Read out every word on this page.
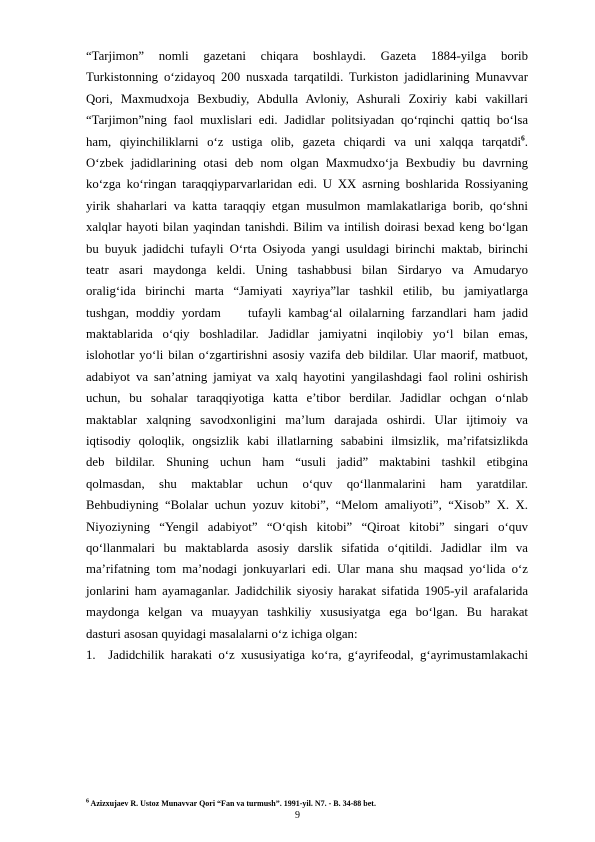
“Tarjimon” nomli gazetani chiqara boshlaydi. Gazeta 1884-yilga borib
Turkistonning o‘zidayoq 200 nusxada tarqatildi. Turkiston jadidlarining Munavvar
Qori, Maxmudxoja Bexbudiy, Abdulla Avloniy, Ashurali Zoxiriy kabi vakillari
“Tarjimon”ning faol muxlislari edi. Jadidlar politsiyadan qo‘rqinchi qattiq bo‘lsa
ham, qiyinchiliklarni o‘z ustiga olib, gazeta chiqardi va uni xalqqa tarqatdi$^6$.
O‘zbek jadidlarining otasi deb nom olgan Maxmudxo‘ja Bexbudiy bu davrning
ko‘zga ko‘ringan taraqqiyparvarlaridan edi. U XX asrning boshlarida Rossiyaning
yirik shaharlari va katta taraqqiy etgan musulmon mamlakatlariga borib, qo‘shni
xalqlar hayoti bilan yaqindan tanishdi. Bilim va intilish doirasi bexad keng bo‘lgan
bu buyuk jadidchi tufayli O‘rta Osiyoda yangi usuldagi birinchi maktab, birinchi
teatr asari maydonga keldi. Uning tashabbusi bilan Sirdaryo va Amudaryo
oralig‘ida birinchi marta “Jamiyati xayriya”lar tashkil etilib, bu jamiyatlarga
tushgan, moddiy yordam    tufayli kambag‘al oilalarning farzandlari ham jadid
maktablarida o‘qiy boshladilar. Jadidlar jamiyatni inqilobiy yo‘l bilan emas,
islohotlar yo‘li bilan o‘zgartirishni asosiy vazifa deb bildilar. Ular maorif, matbuot,
adabiyot va san’atning jamiyat va xalq hayotini yangilashdagi faol rolini oshirish
uchun, bu sohalar taraqqiyotiga katta e’tibor berdilar. Jadidlar ochgan o‘nlab
maktablar xalqning savodxonligini ma’lum darajada oshirdi. Ular ijtimoiy va
iqtisodiy qoloqlik, ongsizlik kabi illatlarning sababini ilmsizlik, ma’rifatsizlikda
deb bildilar. Shuning uchun ham “usuli jadid” maktabini tashkil etibgina
qolmasdan, shu maktablar uchun o‘quv qo‘llanmalarini ham yaratdilar.
Behbudiyning “Bolalar uchun yozuv kitobi”, “Melom amaliyoti”, “Xisob” X. X.
Niyoziyning “Yengil adabiyot” “O‘qish kitobi” “Qiroat kitobi” singari o‘quv
qo‘llanmalari bu maktablarda asosiy darslik sifatida o‘qitildi. Jadidlar ilm va
ma’rifatning tom ma’nodagi jonkuyarlari edi. Ular mana shu maqsad yo‘lida o‘z
jonlarini ham ayamaganlar. Jadidchilik siyosiy harakat sifatida 1905-yil arafalarida
maydonga kelgan va muayyan tashkiliy xususiyatga ega bo‘lgan. Bu harakat
dasturi asosan quyidagi masalalarni o‘z ichiga olgan:
1.  Jadidchilik harakati o‘z xususiyatiga ko‘ra, g‘ayrifeodal, g‘ayrimustamlakachi
$^6$ Azizxujaev R. Ustoz Munavvar Qori “Fan va turmush”. 1991-yil. N7. - B. 34-88 bet.
9
